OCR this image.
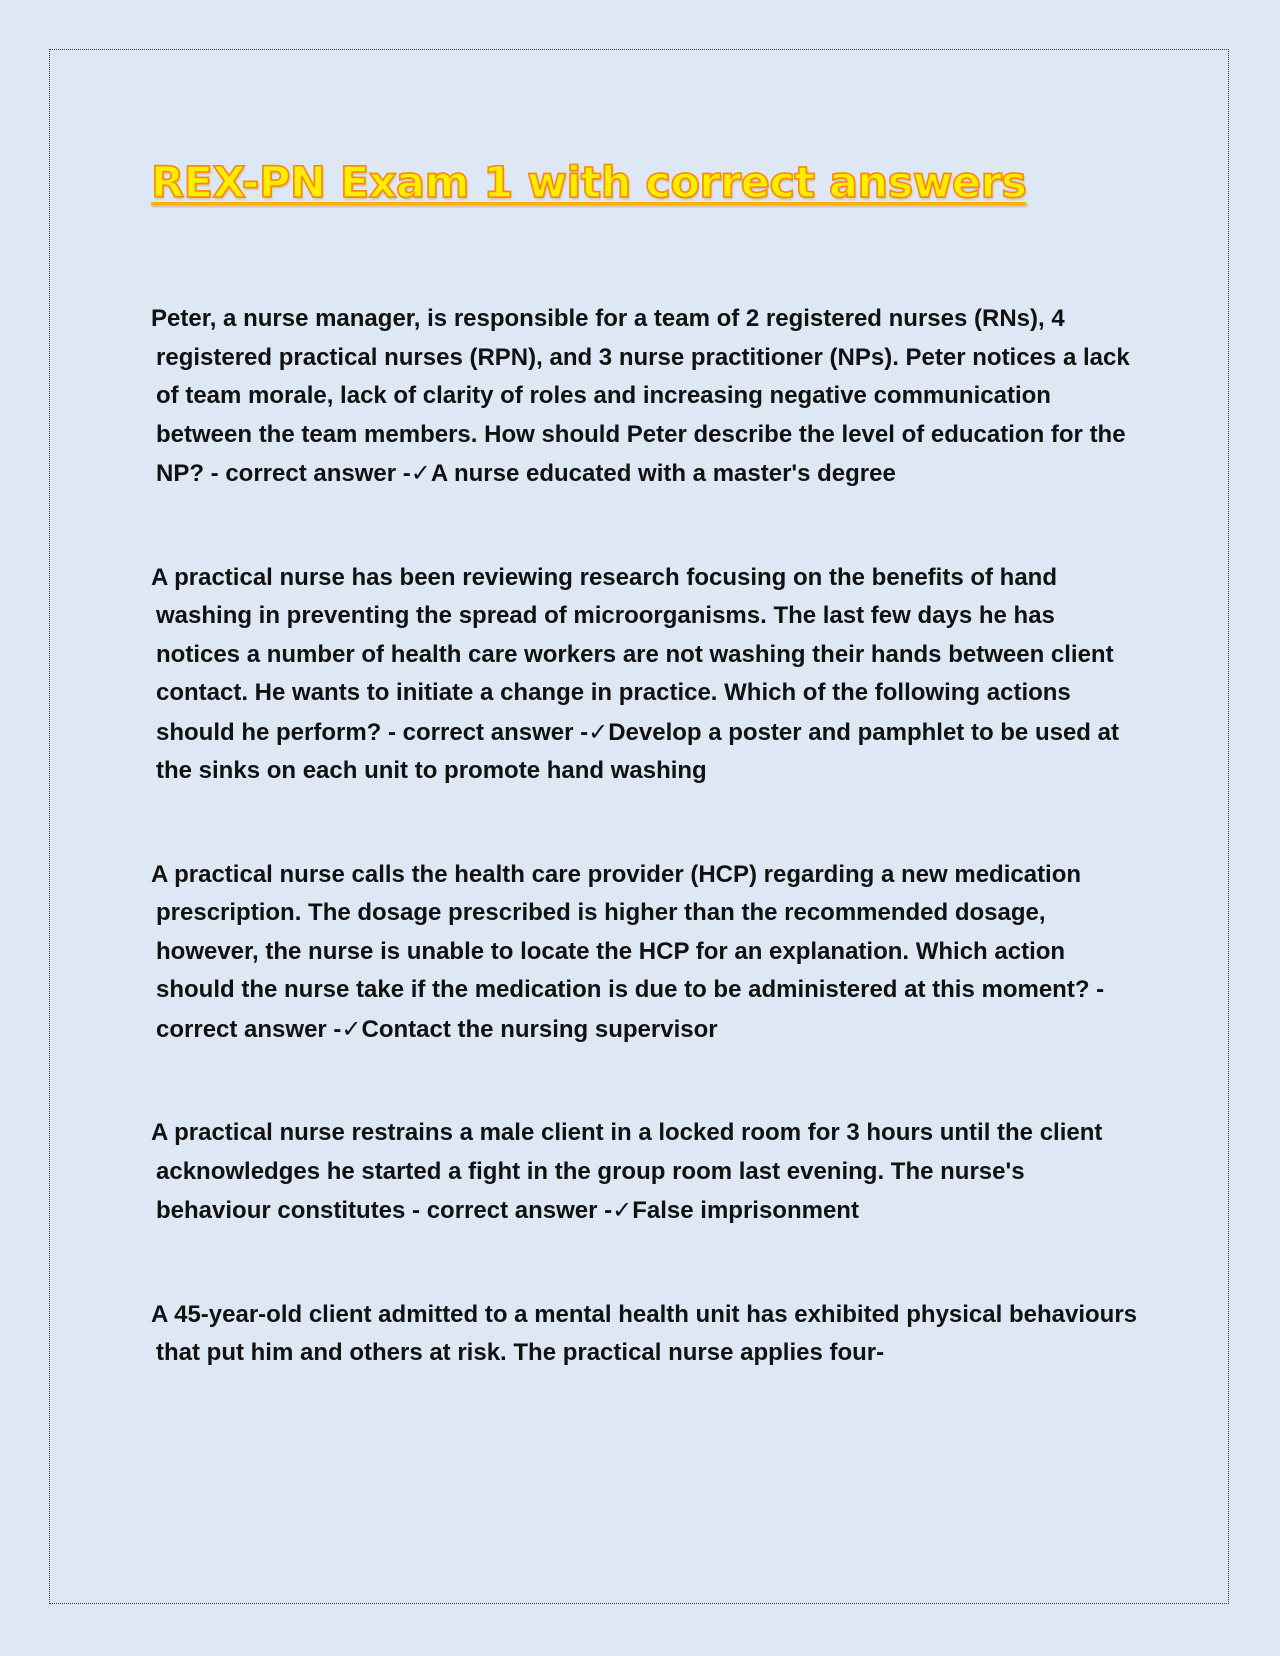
REX-PN Exam 1 with correct answers

Peter, a nurse manager, is responsible for a team of 2 registered nurses (RNs), 4 registered practical nurses (RPN), and 3 nurse practitioner (NPs). Peter notices a lack of team morale, lack of clarity of roles and increasing negative communication between the team members. How should Peter describe the level of education for the NP? - correct answer -✓A nurse educated with a master's degree

A practical nurse has been reviewing research focusing on the benefits of hand washing in preventing the spread of microorganisms. The last few days he has notices a number of health care workers are not washing their hands between client contact. He wants to initiate a change in practice. Which of the following actions should he perform? - correct answer -✓Develop a poster and pamphlet to be used at the sinks on each unit to promote hand washing

A practical nurse calls the health care provider (HCP) regarding a new medication prescription. The dosage prescribed is higher than the recommended dosage, however, the nurse is unable to locate the HCP for an explanation. Which action should the nurse take if the medication is due to be administered at this moment? - correct answer -✓Contact the nursing supervisor

A practical nurse restrains a male client in a locked room for 3 hours until the client acknowledges he started a fight in the group room last evening. The nurse's behaviour constitutes - correct answer -✓False imprisonment

A 45-year-old client admitted to a mental health unit has exhibited physical behaviours that put him and others at risk. The practical nurse applies four-
